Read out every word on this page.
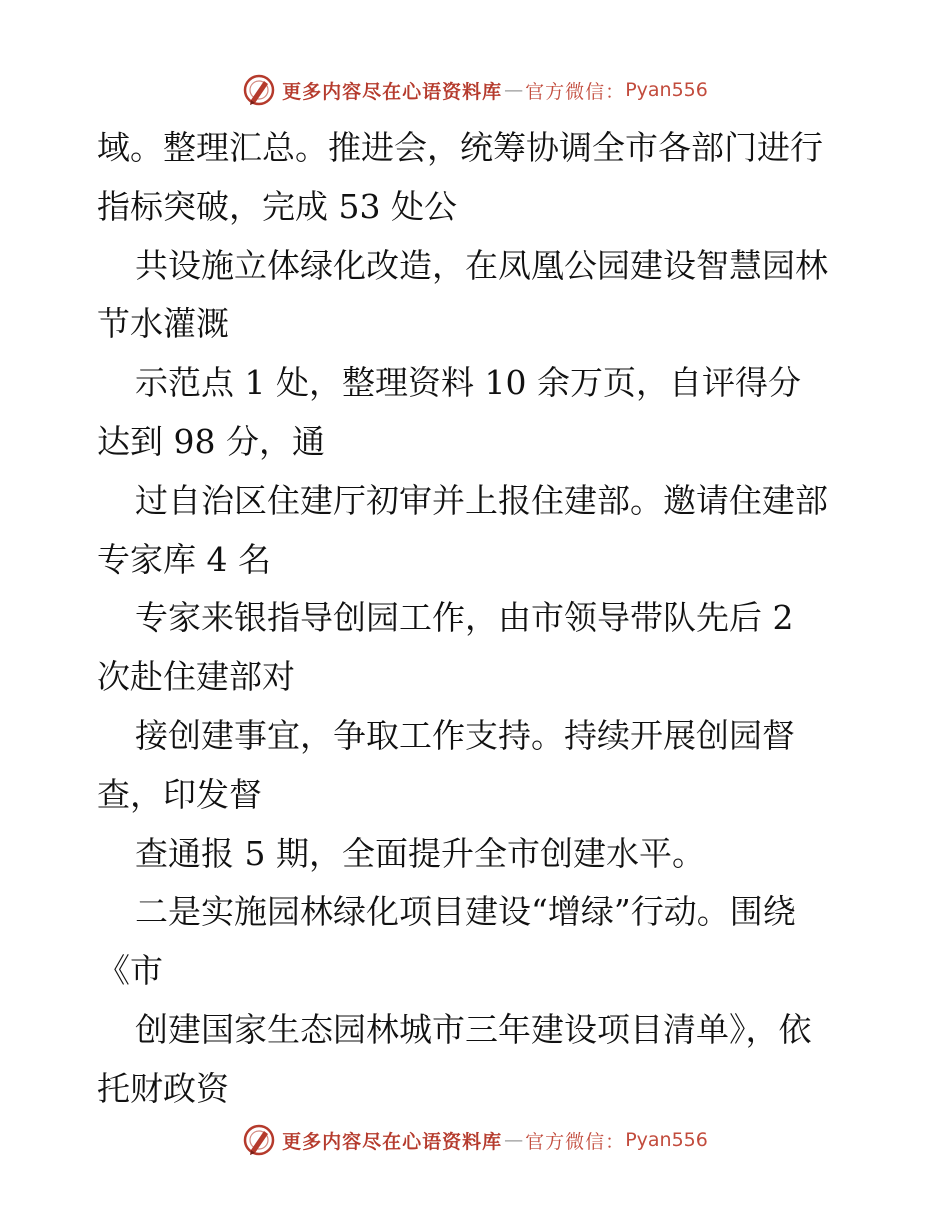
更多内容尽在心语资料库 — 官方微信： Pyan556
域。整理汇总。推进会，统筹协调全市各部门进行
指标突破，完成 53 处公
共设施立体绿化改造，在凤凰公园建设智慧园林
节水灌溉
示范点 1 处，整理资料 10 余万页，自评得分
达到 98 分，通
过自治区住建厅初审并上报住建部。邀请住建部
专家库 4 名
专家来银指导创园工作，由市领导带队先后 2
次赴住建部对
接创建事宜，争取工作支持。持续开展创园督
查，印发督
查通报 5 期，全面提升全市创建水平。
二是实施园林绿化项目建设“增绿”行动。围绕
《市
创建国家生态园林城市三年建设项目清单》，依
托财政资
更多内容尽在心语资料库 — 官方微信： Pyan556
